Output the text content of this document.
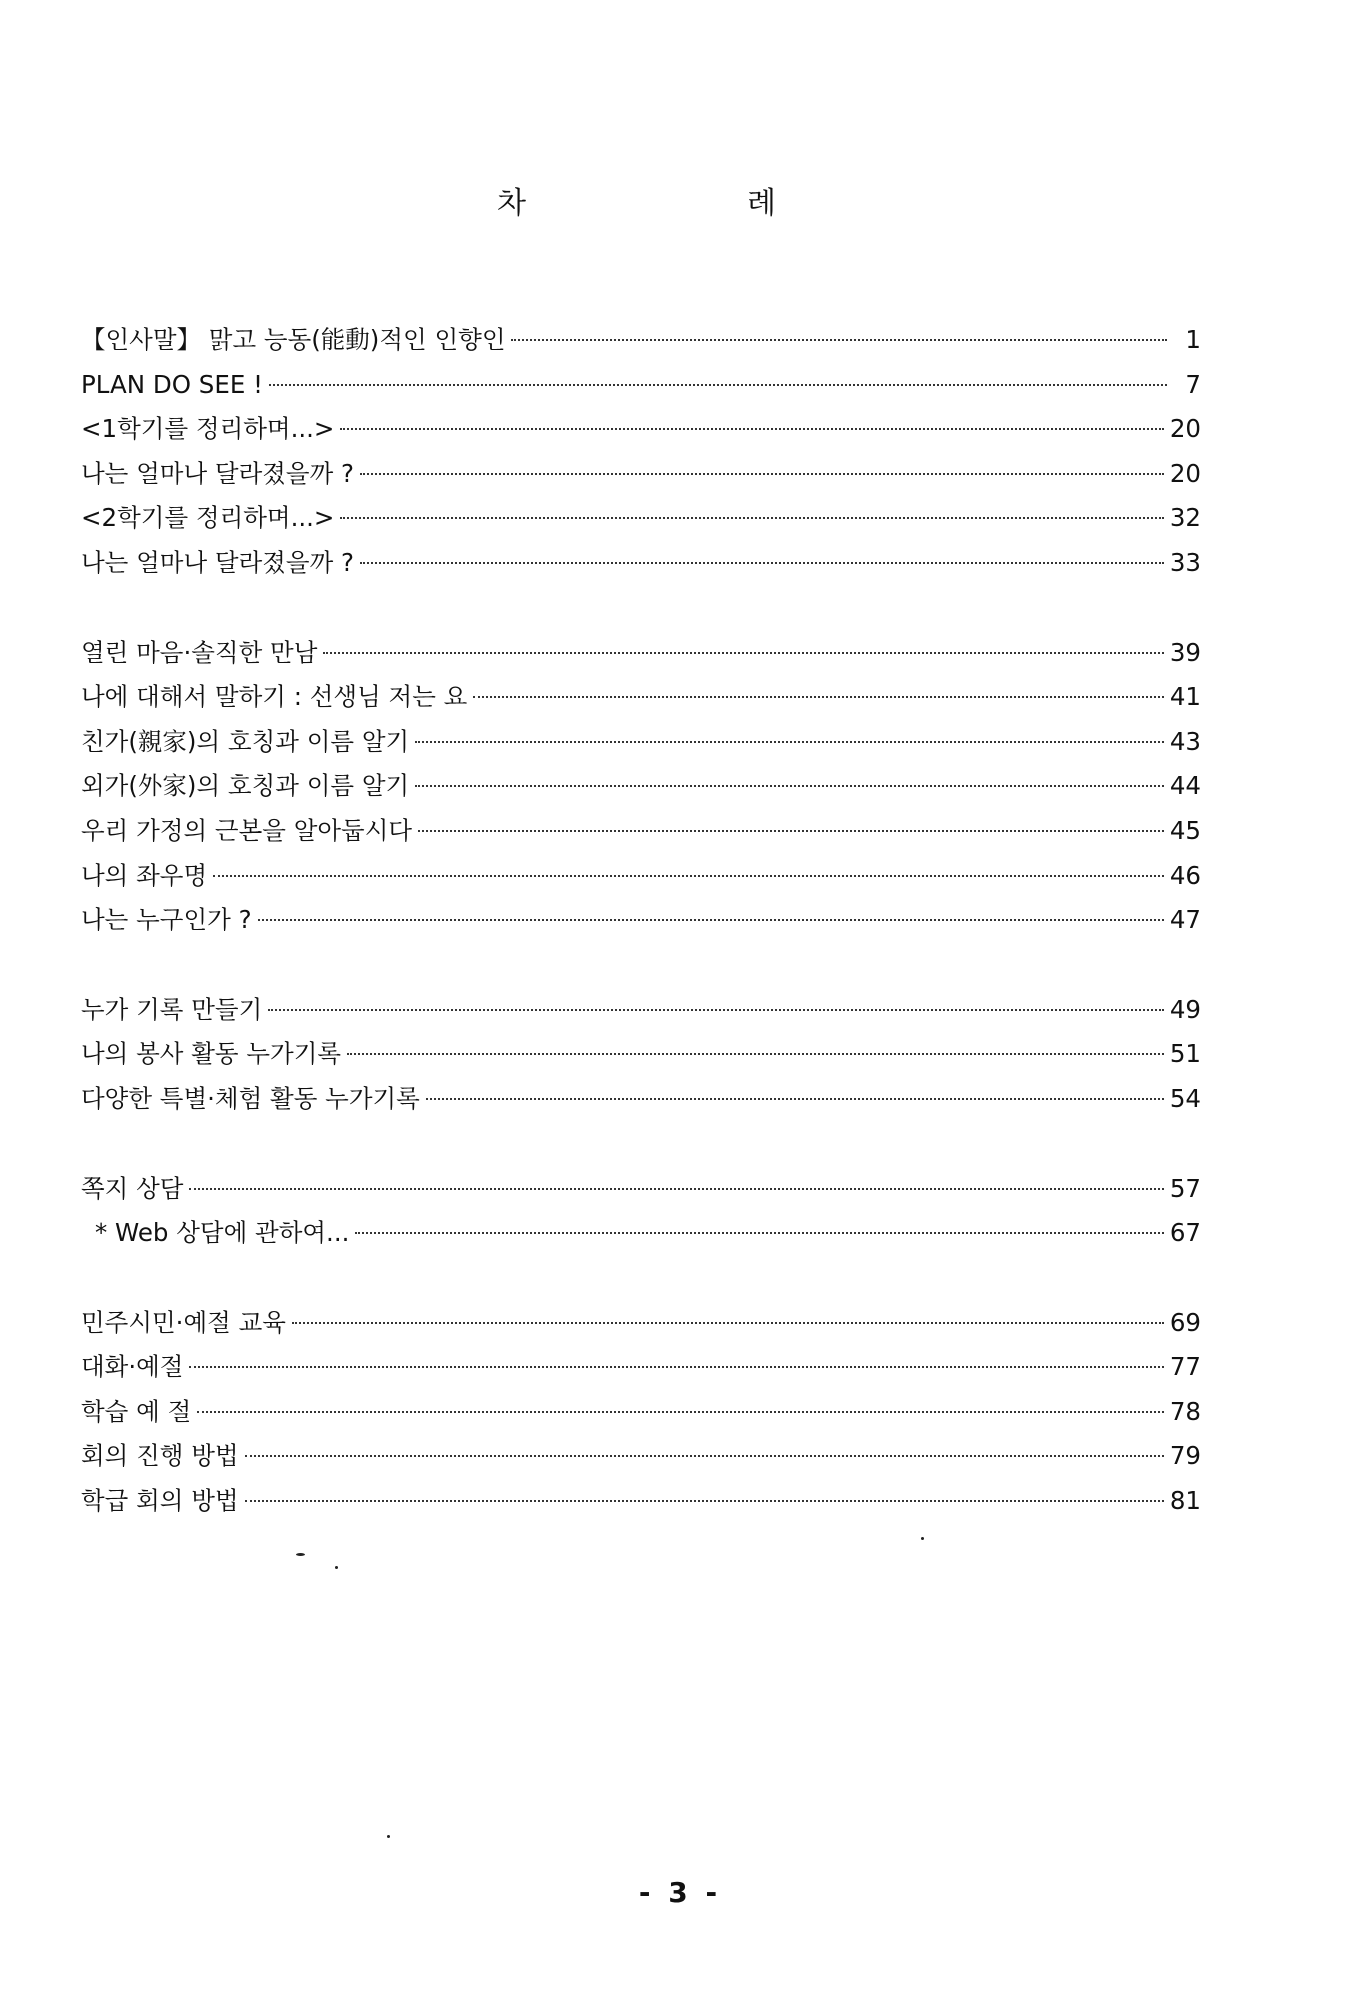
차	례
【인사말】 맑고 능동(能動)적인 인향인	1
PLAN DO SEE !	7
<1학기를 정리하며...>	20
나는 얼마나 달라졌을까 ?	20
<2학기를 정리하며...>	32
나는 얼마나 달라졌을까 ?	33
열린 마음·솔직한 만남	39
나에 대해서 말하기 : 선생님 저는 요	41
친가(親家)의 호칭과 이름 알기	43
외가(外家)의 호칭과 이름 알기	44
우리 가정의 근본을 알아둡시다	45
나의 좌우명	46
나는 누구인가 ?	47
누가 기록 만들기	49
나의 봉사 활동 누가기록	51
다양한 특별·체험 활동 누가기록	54
쪽지 상담	57
* Web 상담에 관하여...	67
민주시민·예절 교육	69
대화·예절	77
학습 예 절	78
회의 진행 방법	79
학급 회의 방법	81
- 3 -
